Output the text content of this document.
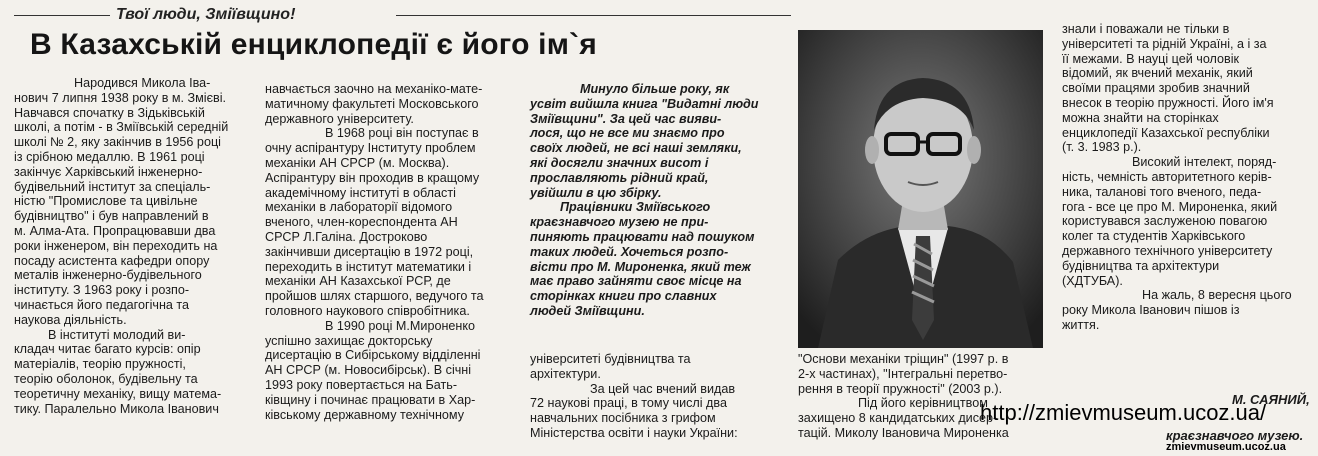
Твої люди, Зміївщино!
В Казахській енциклопедії є його ім`я

Народився Микола Іва-

нович 7 липня 1938 року в м. Змієві.

Навчався спочатку в Зідьківській

школі, а потім - в Зміївській середній

школі № 2, яку закінчив в 1956 році

із срібною медаллю. В 1961 році

закінчує Харківський інженерно-

будівельний інститут за спеціаль-

ністю "Промислове та цивільне

будівництво" і був направлений в

м. Алма-Ата. Пропрацювавши два

роки інженером, він переходить на

посаду асистента кафедри опору

металів інженерно-будівельного

інституту. З 1963 року і розпо-

чинається його педагогічна та

наукова діяльність.

В інституті молодий ви-

кладач читає багато курсів: опір

матеріалів, теорію пружності,

теорію оболонок, будівельну та

теоретичну механіку, вищу матема-

тику. Паралельно Микола Іванович

навчається заочно на механіко-мате-

матичному факультеті Московського

державного університету.

В 1968 році він поступає в

очну аспірантуру Інституту проблем

механіки АН СРСР (м. Москва).

Аспірантуру він проходив в кращому

академічному інституті в області

механіки в лабораторії відомого

вченого, член-кореспондента АН

СРСР Л.Галіна. Достроково

закінчивши дисертацію в 1972 році,

переходить в інститут математики і

механіки АН Казахської РСР, де

пройшов шлях старшого, ведучого та

головного наукового співробітника.

В 1990 році М.Мироненко

успішно захищає докторську

дисертацію в Сибірському відділенні

АН СРСР (м. Новосибірськ). В січні

1993 року повертається на Бать-

ківщину і починає працювати в Хар-

ківському державному технічному

Минуло більше року, як

усвіт вийшла книга "Видатні люди

Зміївщини". За цей час вияви-

лося, що не все ми знаємо про

своїх людей, не всі наші земляки,

які досягли значних висот і

прославляють рідний край,

увійшли в цю збірку.

Працівники Зміївського

краєзнавчого музею не при-

пиняють працювати над пошуком

таких людей. Хочеться розпо-

вісти про М. Мироненка, який теж

має право зайняти своє місце на

сторінках книги про славних

людей Зміївщини.

університеті будівництва та

архітектури.

За цей час вчений видав

72 наукові праці, в тому числі два

навчальних посібника з грифом

Міністерства освіти і науки України:

"Основи механіки тріщин" (1997 р. в

2-х частинах), "Інтегральні перетво-

рення в теорії пружності" (2003 р.).

Під його керівництвом

захищено 8 кандидатських дисер-

тацій. Миколу Івановича Мироненка

знали і поважали не тільки в

університеті та рідній Україні, а і за

її межами. В науці цей чоловік

відомий, як вчений механік, який

своїми працями зробив значний

внесок в теорію пружності. Його ім'я

можна знайти на сторінках

енциклопедії Казахської республіки

(т. 3. 1983 р.).

Високий інтелект, поряд-

ність, чемність авторитетного керів-

ника, таланові того вченого, педа-

гога - все це про М. Мироненка, який

користувався заслуженою повагою

колег та студентів Харківського

державного технічного університету

будівництва та архітектури

(ХДТУБА).

На жаль, 8 вересня цього

року Микола Іванович пішов із

життя.

М. САЯНИЙ,
краєзнавчого музею.
http://zmievmuseum.ucoz.ua/
zmievmuseum.ucoz.ua
